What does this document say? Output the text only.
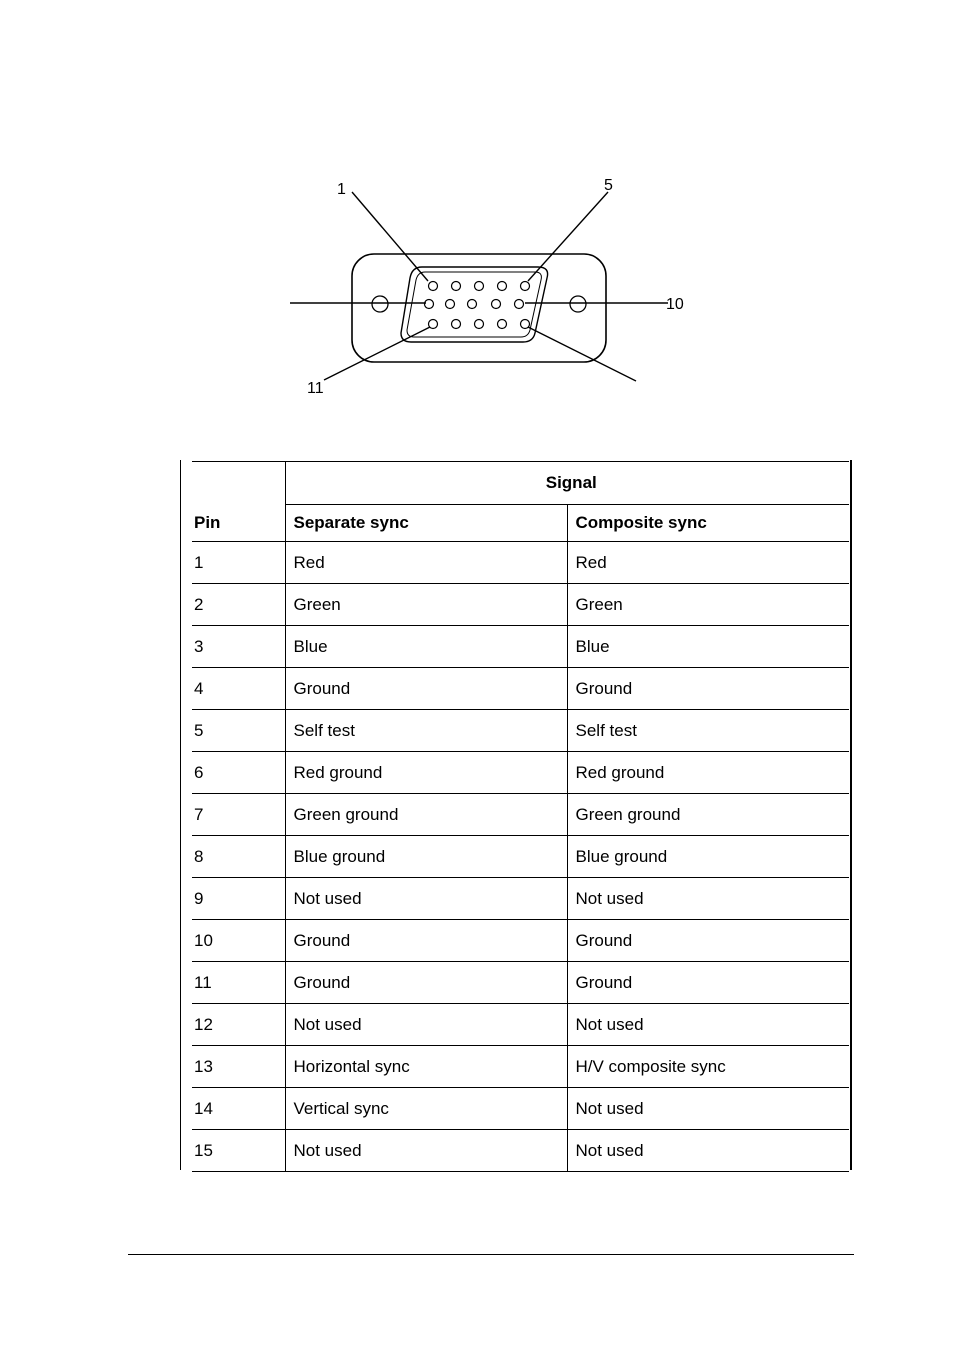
1	5
10
11
	Signal	
Pin	Separate sync	Composite sync
1	Red	Red
2	Green	Green
3	Blue	Blue
4	Ground	Ground
5	Self test	Self test
6	Red ground	Red ground
7	Green ground	Green ground
8	Blue ground	Blue ground
9	Not used	Not used
10	Ground	Ground
11	Ground	Ground
12	Not used	Not used
13	Horizontal sync	H/V composite sync
14	Vertical sync	Not used
15	Not used	Not used
